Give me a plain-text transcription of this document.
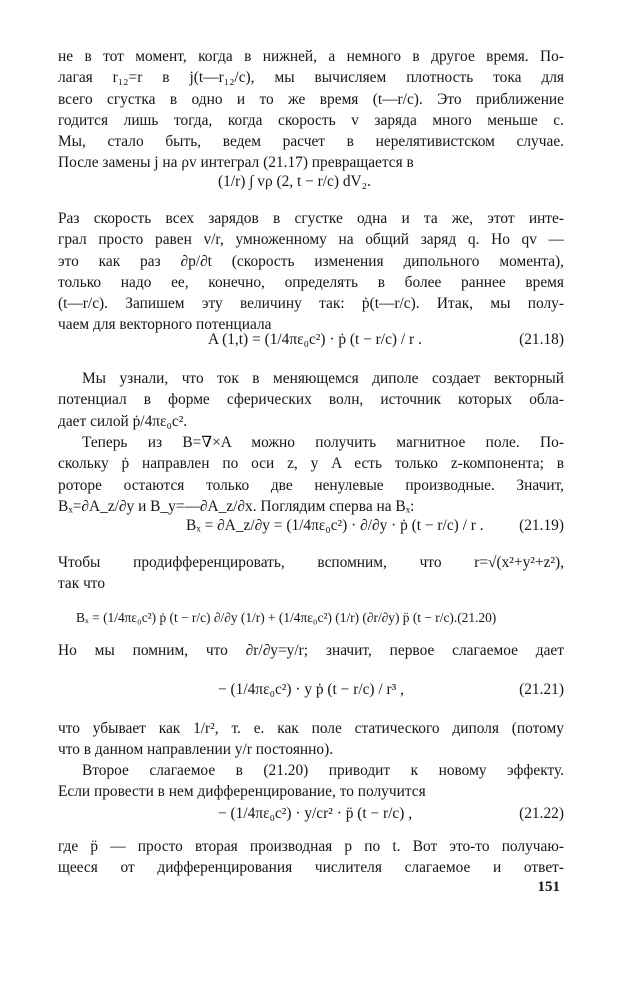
не в тот момент, когда в нижней, а немного в другое время. По-
лагая r₁₂=r в j(t—r₁₂/c), мы вычисляем плотность тока для
всего сгустка в одно и то же время (t—r/c). Это приближение
годится лишь тогда, когда скорость v заряда много меньше c.
Мы, стало быть, ведем расчет в нерелятивистском случае.
После замены j на ρv интеграл (21.17) превращается в
(1/r) ∫ vρ (2, t − r/c) dV₂.
Раз скорость всех зарядов в сгустке одна и та же, этот инте-
грал просто равен v/r, умноженному на общий заряд q. Но qv —
это как раз ∂p/∂t (скорость изменения дипольного момента),
только надо ее, конечно, определять в более раннее время
(t—r/c). Запишем эту величину так: ṗ(t—r/c). Итак, мы полу-
чаем для векторного потенциала
A (1,t) =
(1/4πε₀c²) · ṗ (t − r/c) / r .	(21.18)
Мы узнали, что ток в меняющемся диполе создает векторный
потенциал в форме сферических волн, источник которых обла-
дает силой ṗ/4πε₀c².
Теперь из B=∇×A можно получить магнитное поле. По-
скольку ṗ направлен по оси z, у A есть только z-компонента; в
роторе остаются только две ненулевые производные. Значит,
Bₓ=∂A_z/∂y и B_y=—∂A_z/∂x. Поглядим сперва на Bₓ:
Bₓ = ∂A_z/∂y =
(1/4πε₀c²) · ∂/∂y · ṗ (t − r/c) / r . (21.19)
Чтобы продифференцировать, вспомним, что r=√(x²+y²+z²),
так что
Bₓ =
(1/4πε₀c²) ṗ (t − r/c) ∂/∂y (1/r) + (1/4πε₀c²) (1/r) (∂r/∂y) p̈ (t − r/c). (21.20)
Но мы помним, что ∂r/∂y=y/r; значит, первое слагаемое дает
−
(1/4πε₀c²) · y ṗ (t − r/c) / r³ ,	(21.21)
что убывает как 1/r², т. е. как поле статического диполя (потому
что в данном направлении y/r постоянно).
Второе слагаемое в (21.20) приводит к новому эффекту.
Если провести в нем дифференцирование, то получится
−
(1/4πε₀c²) · y/cr² · p̈ (t − r/c) ,	(21.22)
где p̈ — просто вторая производная p по t. Вот это-то получаю-
щееся от дифференцирования числителя слагаемое и ответ-
151
